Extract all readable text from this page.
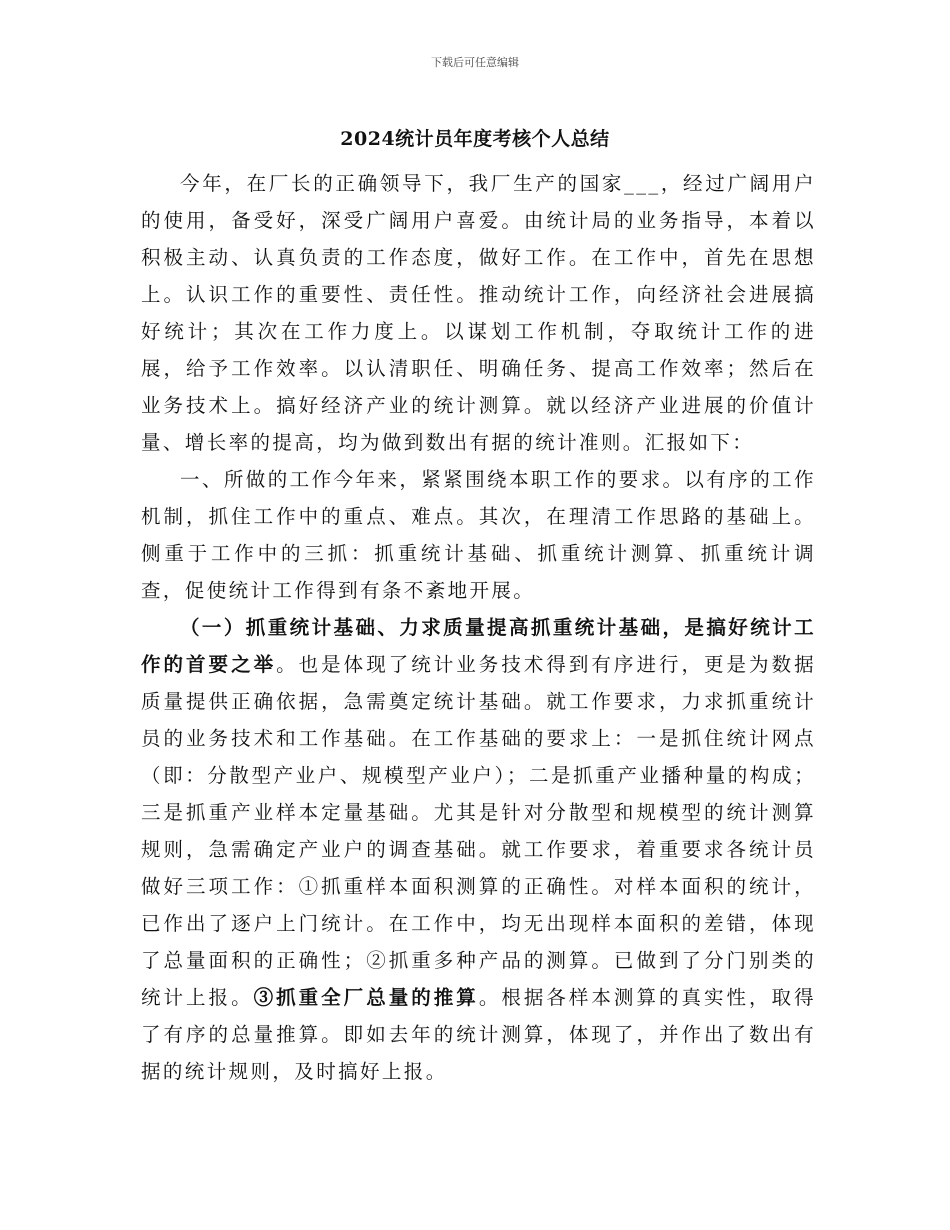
下载后可任意编辑
2024统计员年度考核个人总结

今年，在厂长的正确领导下，我厂生产的国家___，经过广阔用户的使用，备受好，深受广阔用户喜爱。由统计局的业务指导，本着以积极主动、认真负责的工作态度，做好工作。在工作中，首先在思想上。认识工作的重要性、责任性。推动统计工作，向经济社会进展搞好统计；其次在工作力度上。以谋划工作机制，夺取统计工作的进展，给予工作效率。以认清职任、明确任务、提高工作效率；然后在业务技术上。搞好经济产业的统计测算。就以经济产业进展的价值计量、增长率的提高，均为做到数出有据的统计准则。汇报如下：

一、所做的工作今年来，紧紧围绕本职工作的要求。以有序的工作机制，抓住工作中的重点、难点。其次，在理清工作思路的基础上。侧重于工作中的三抓：抓重统计基础、抓重统计测算、抓重统计调查，促使统计工作得到有条不紊地开展。

（一）抓重统计基础、力求质量提高抓重统计基础，是搞好统计工作的首要之举。也是体现了统计业务技术得到有序进行，更是为数据质量提供正确依据，急需奠定统计基础。就工作要求，力求抓重统计员的业务技术和工作基础。在工作基础的要求上：一是抓住统计网点（即：分散型产业户、规模型产业户）；二是抓重产业播种量的构成；三是抓重产业样本定量基础。尤其是针对分散型和规模型的统计测算规则，急需确定产业户的调查基础。就工作要求，着重要求各统计员做好三项工作：①抓重样本面积测算的正确性。对样本面积的统计，已作出了逐户上门统计。在工作中，均无出现样本面积的差错，体现了总量面积的正确性；②抓重多种产品的测算。已做到了分门别类的统计上报。③抓重全厂总量的推算。根据各样本测算的真实性，取得了有序的总量推算。即如去年的统计测算，体现了，并作出了数出有据的统计规则，及时搞好上报。
